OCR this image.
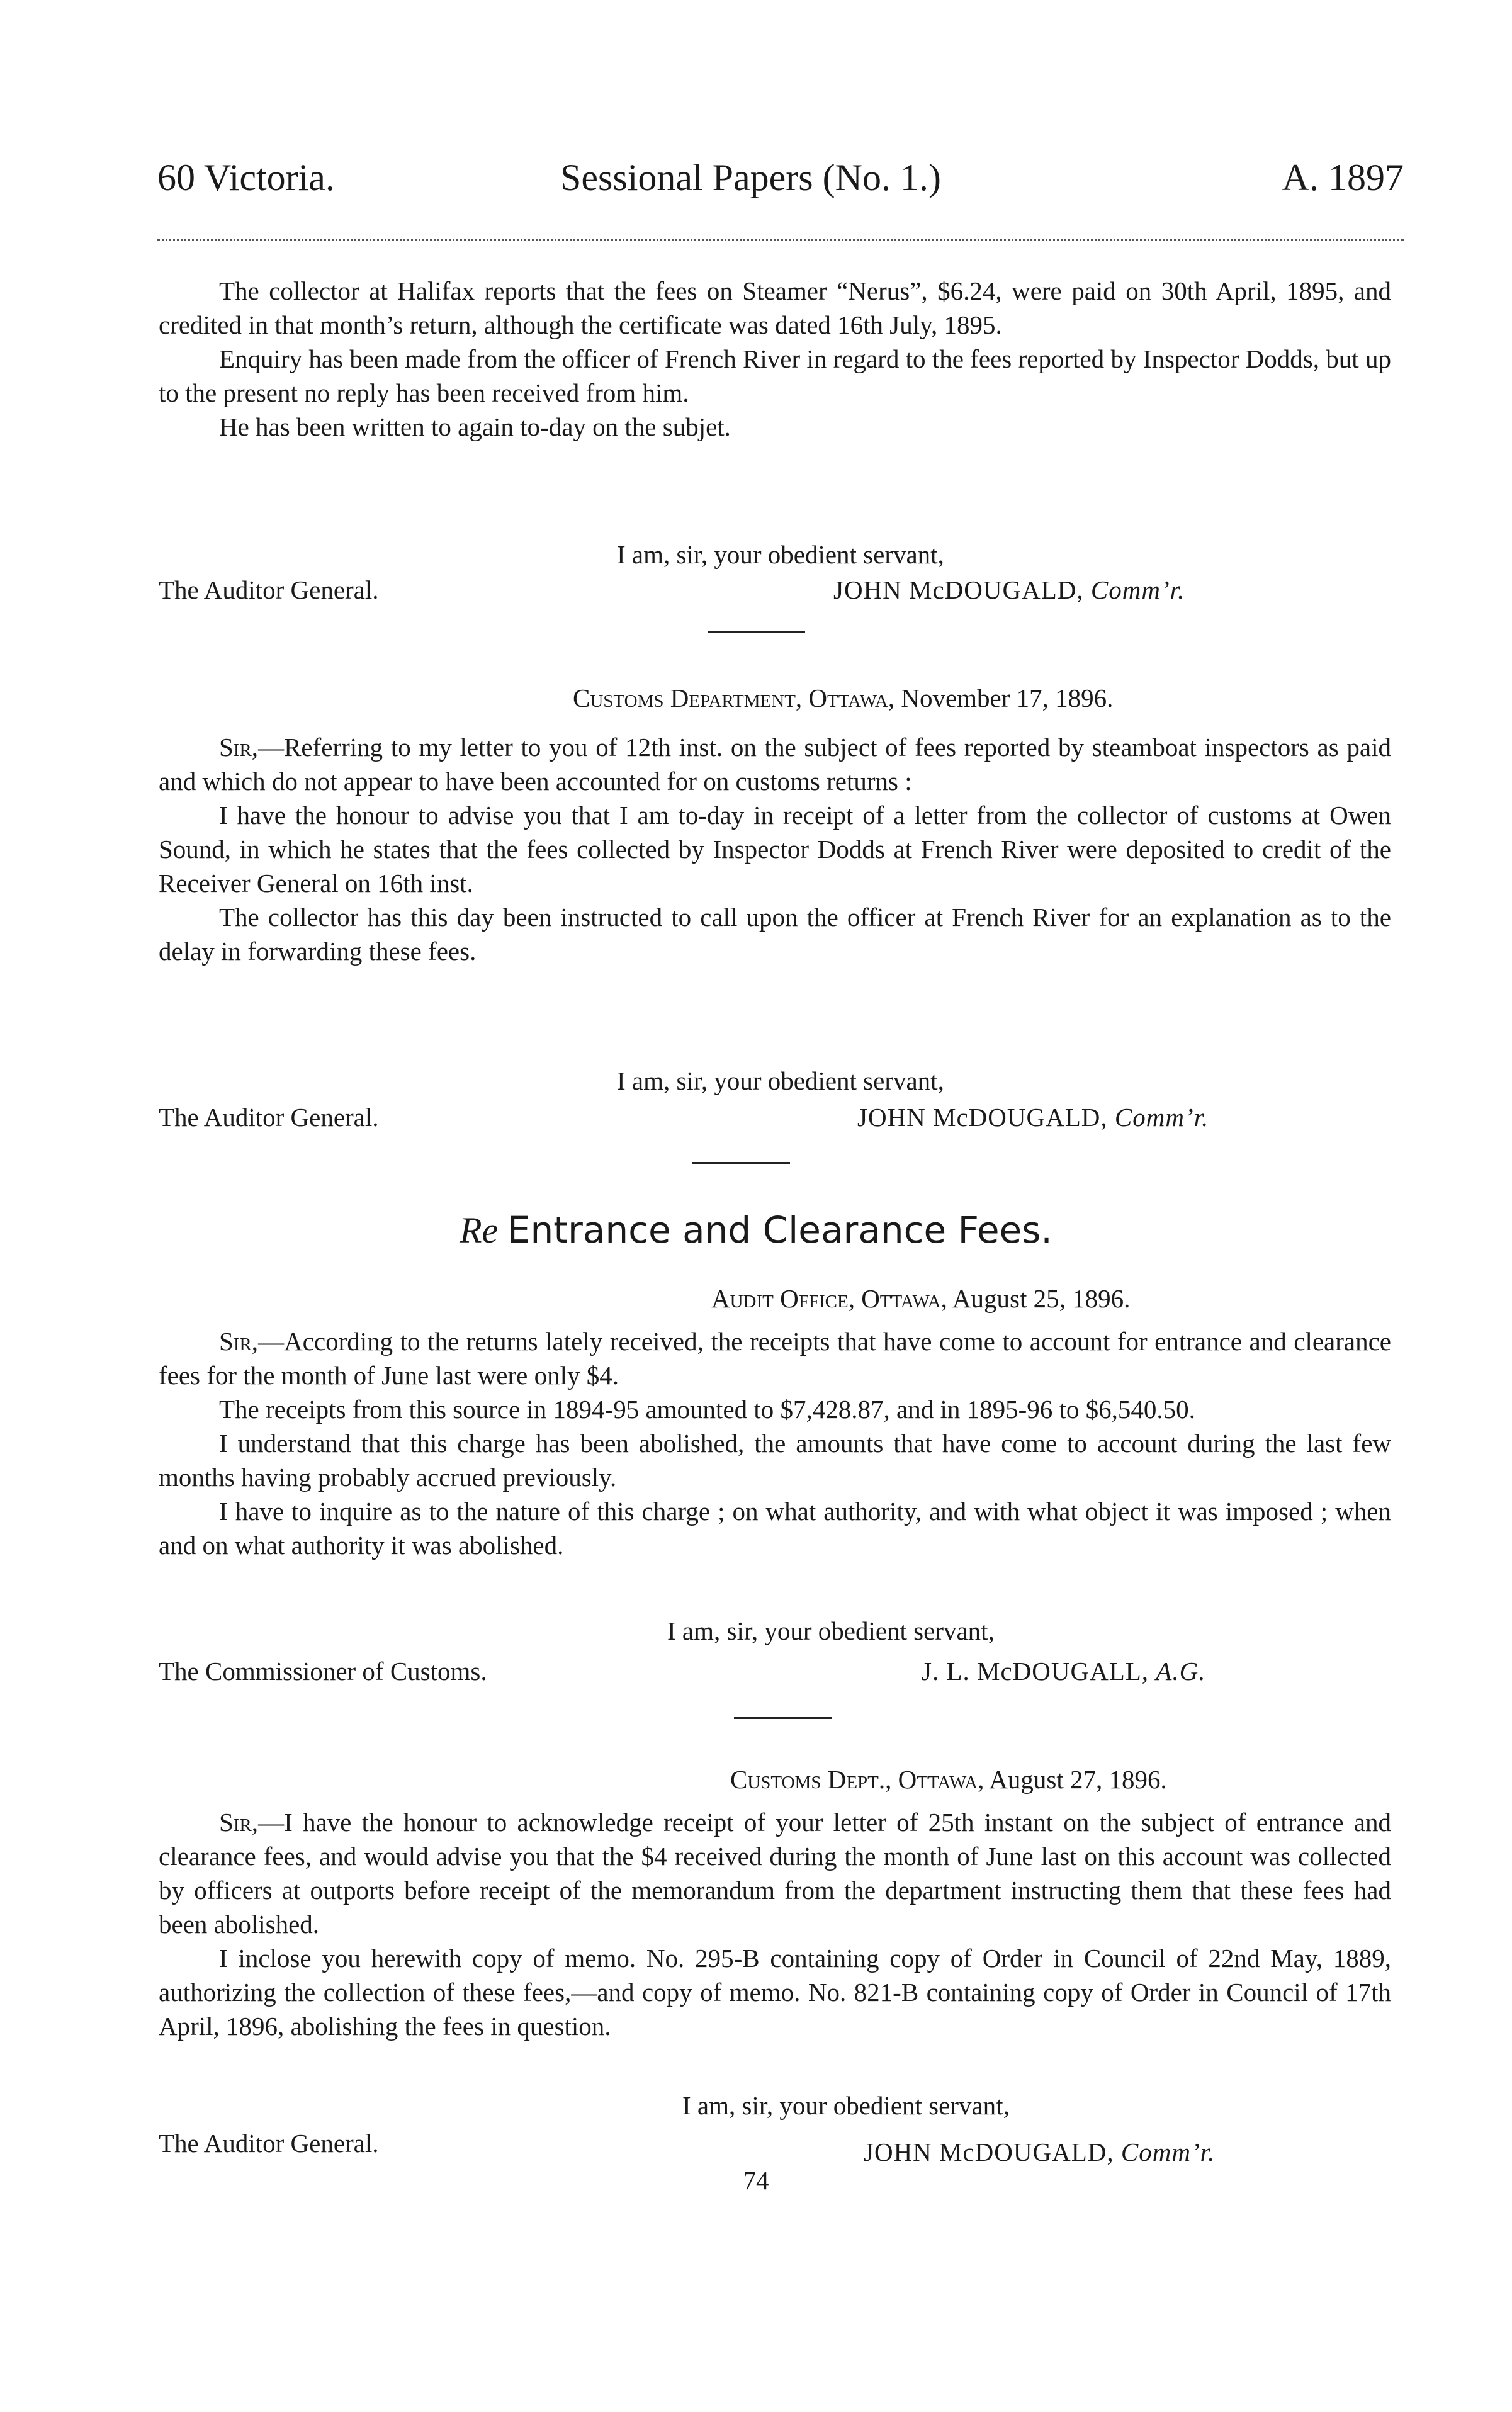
60 Victoria.	Sessional Papers (No. 1.)	A. 1897

The collector at Halifax reports that the fees on Steamer “Nerus”, $6.24, were paid on 30th April, 1895, and credited in that month’s return, although the certificate was dated 16th July, 1895.

Enquiry has been made from the officer of French River in regard to the fees reported by Inspector Dodds, but up to the present no reply has been received from him.

He has been written to again to-day on the subjet.

I am, sir, your obedient servant,
The Auditor General.	JOHN McDOUGALD, Comm’r.
Customs Department, Ottawa, November 17, 1896.

Sir,—Referring to my letter to you of 12th inst. on the subject of fees reported by steamboat inspectors as paid and which do not appear to have been accounted for on customs returns :

I have the honour to advise you that I am to-day in receipt of a letter from the collector of customs at Owen Sound, in which he states that the fees collected by Inspector Dodds at French River were deposited to credit of the Receiver General on 16th inst.

The collector has this day been instructed to call upon the officer at French River for an explanation as to the delay in forwarding these fees.

I am, sir, your obedient servant,
The Auditor General.	JOHN McDOUGALD, Comm’r.
Re Entrance and Clearance Fees.
Audit Office, Ottawa, August 25, 1896.

Sir,—According to the returns lately received, the receipts that have come to account for entrance and clearance fees for the month of June last were only $4.

The receipts from this source in 1894-95 amounted to $7,428.87, and in 1895-96 to $6,540.50.

I understand that this charge has been abolished, the amounts that have come to account during the last few months having probably accrued previously.

I have to inquire as to the nature of this charge ; on what authority, and with what object it was imposed ; when and on what authority it was abolished.

I am, sir, your obedient servant,
The Commissioner of Customs.	J. L. McDOUGALL, A.G.
Customs Dept., Ottawa, August 27, 1896.

Sir,—I have the honour to acknowledge receipt of your letter of 25th instant on the subject of entrance and clearance fees, and would advise you that the $4 received during the month of June last on this account was collected by officers at outports before receipt of the memorandum from the department instructing them that these fees had been abolished.

I inclose you herewith copy of memo. No. 295-B containing copy of Order in Council of 22nd May, 1889, authorizing the collection of these fees,—and copy of memo. No. 821-B containing copy of Order in Council of 17th April, 1896, abolishing the fees in question.

I am, sir, your obedient servant,
The Auditor General.	JOHN McDOUGALD, Comm’r.
74
